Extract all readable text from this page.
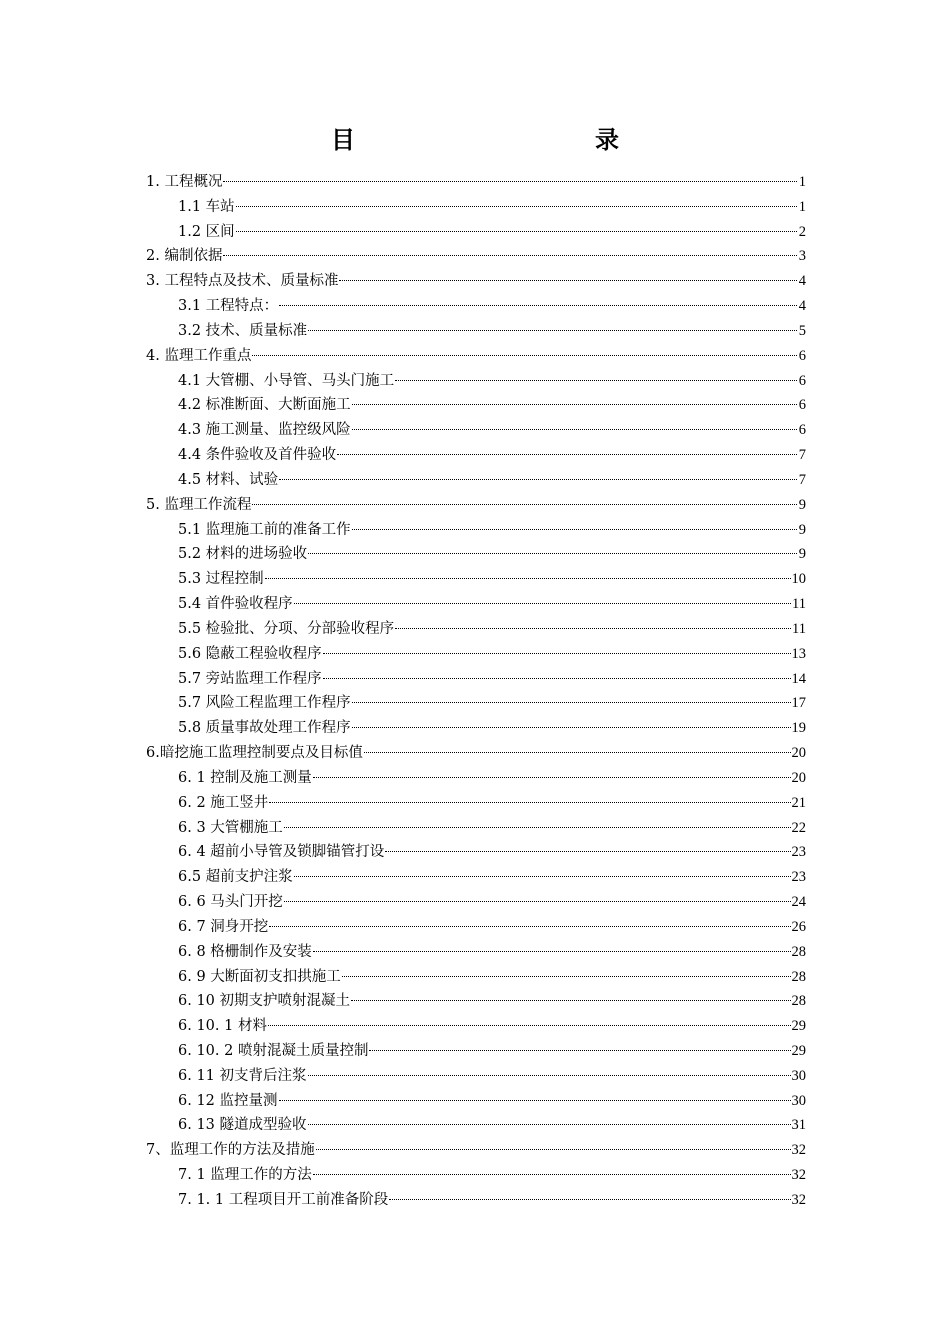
目　　录
1. 工程概况	1
1.1 车站	1
1.2 区间	2
2. 编制依据	3
3. 工程特点及技术、质量标准	4
3.1 工程特点：	4
3.2 技术、质量标准	5
4. 监理工作重点	6
4.1 大管棚、小导管、马头门施工	6
4.2 标准断面、大断面施工	6
4.3 施工测量、监控级风险	6
4.4 条件验收及首件验收	7
4.5 材料、试验	7
5. 监理工作流程	9
5.1 监理施工前的准备工作	9
5.2 材料的进场验收	9
5.3 过程控制	10
5.4 首件验收程序	11
5.5 检验批、分项、分部验收程序	11
5.6 隐蔽工程验收程序	13
5.7 旁站监理工作程序	14
5.7 风险工程监理工作程序	17
5.8 质量事故处理工作程序	19
6.暗挖施工监理控制要点及目标值	20
6. 1 控制及施工测量	20
6. 2 施工竖井	21
6. 3 大管棚施工	22
6. 4 超前小导管及锁脚锚管打设	23
6.5 超前支护注浆	23
6. 6 马头门开挖	24
6. 7 洞身开挖	26
6. 8 格栅制作及安装	28
6. 9 大断面初支扣拱施工	28
6. 10 初期支护喷射混凝土	28
6. 10. 1 材料	29
6. 10. 2 喷射混凝土质量控制	29
6. 11 初支背后注浆	30
6. 12 监控量测	30
6. 13 隧道成型验收	31
7、监理工作的方法及措施	32
7. 1 监理工作的方法	32
7. 1. 1 工程项目开工前准备阶段	32
